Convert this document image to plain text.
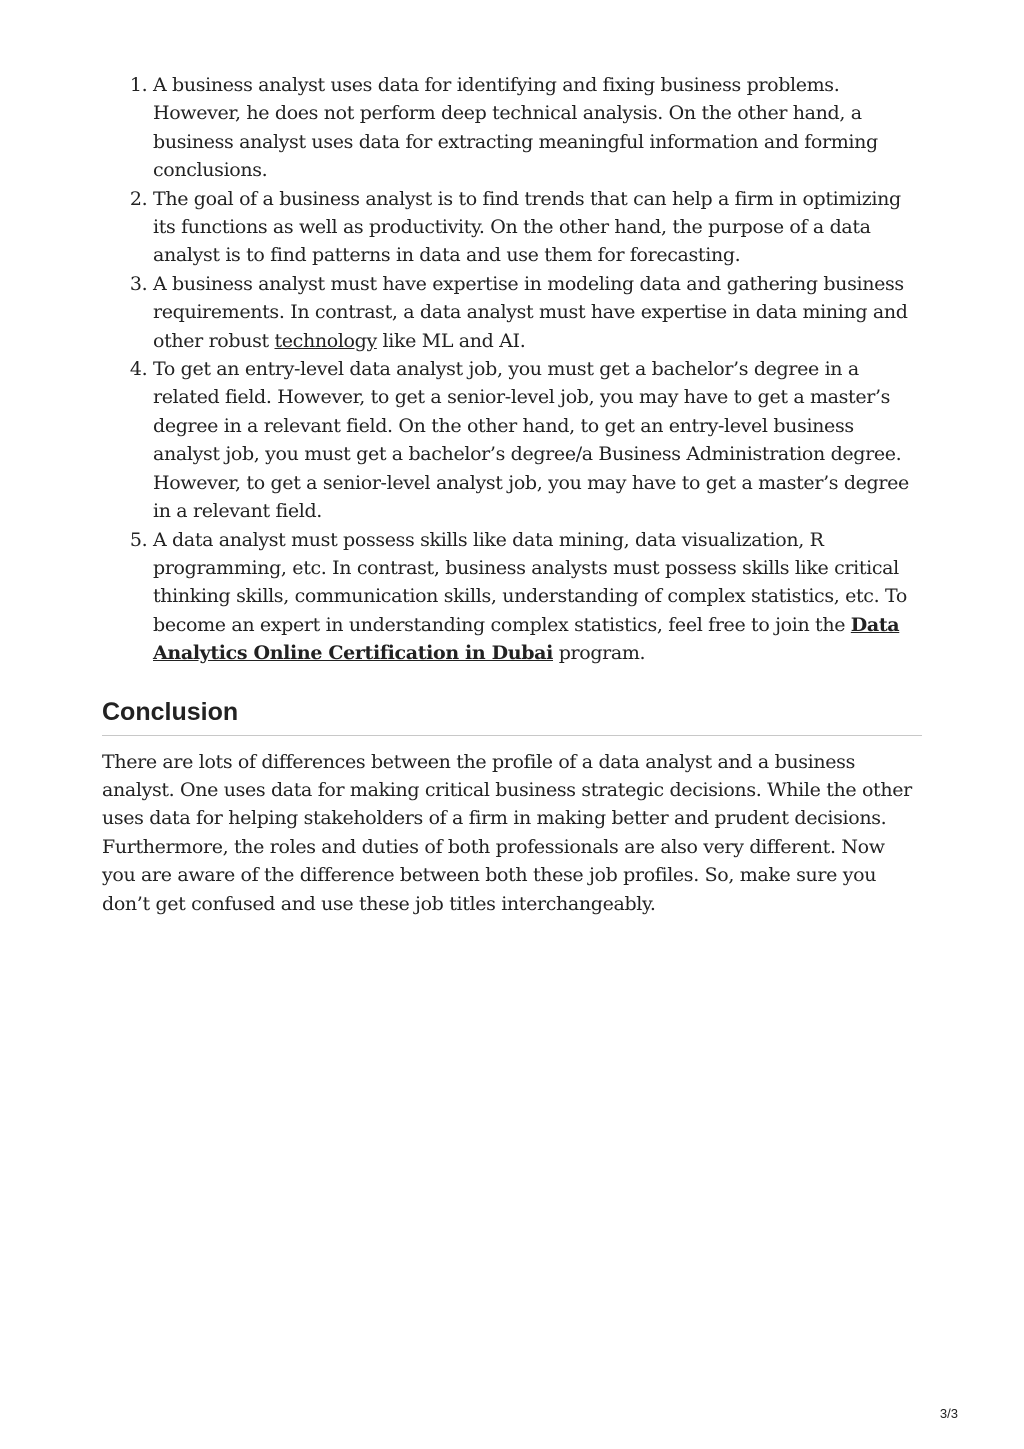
1. A business analyst uses data for identifying and fixing business problems. However, he does not perform deep technical analysis. On the other hand, a business analyst uses data for extracting meaningful information and forming conclusions.
2. The goal of a business analyst is to find trends that can help a firm in optimizing its functions as well as productivity. On the other hand, the purpose of a data analyst is to find patterns in data and use them for forecasting.
3. A business analyst must have expertise in modeling data and gathering business requirements. In contrast, a data analyst must have expertise in data mining and other robust technology like ML and AI.
4. To get an entry-level data analyst job, you must get a bachelor’s degree in a related field. However, to get a senior-level job, you may have to get a master’s degree in a relevant field. On the other hand, to get an entry-level business analyst job, you must get a bachelor’s degree/a Business Administration degree. However, to get a senior-level analyst job, you may have to get a master’s degree in a relevant field.
5. A data analyst must possess skills like data mining, data visualization, R programming, etc. In contrast, business analysts must possess skills like critical thinking skills, communication skills, understanding of complex statistics, etc. To become an expert in understanding complex statistics, feel free to join the Data Analytics Online Certification in Dubai program.
Conclusion

There are lots of differences between the profile of a data analyst and a business analyst. One uses data for making critical business strategic decisions. While the other uses data for helping stakeholders of a firm in making better and prudent decisions. Furthermore, the roles and duties of both professionals are also very different. Now you are aware of the difference between both these job profiles. So, make sure you don’t get confused and use these job titles interchangeably.

3/3
